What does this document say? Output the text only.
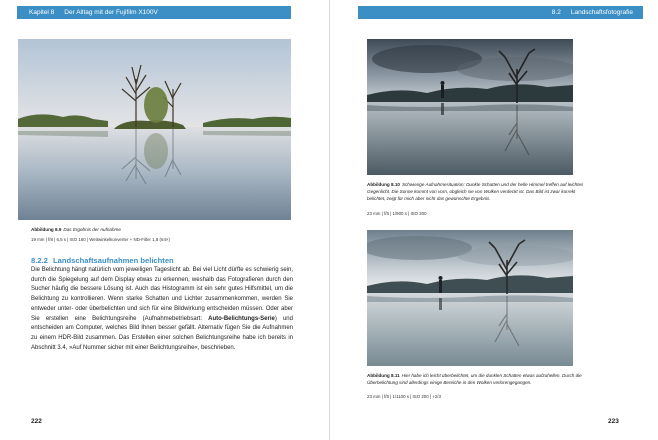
Kapitel 8 Der Alltag mit der Fujifilm X100V	8.2 Landschaftsfotografie
Abbildung 8.9 Das Ergebnis der Aufnahme
19 mm | f/8 | 6,5 s | ISO 160 | Weitwinkelkonverter + ND-Filter 1,8 (64×)
8.2.2 Landschaftsaufnahmen belichten
Die Belichtung hängt natürlich vom jeweiligen Tageslicht ab. Bei viel Licht dürfte es schwierig sein, durch die Spiegelung auf dem Display etwas zu erkennen, weshalb das Fotografieren durch den Sucher häufig die bessere Lösung ist. Auch das Histogramm ist ein sehr gutes Hilfsmittel, um die Belichtung zu kontrollieren. Wenn starke Schatten und Lichter zusammenkommen, werden Sie entweder unter- oder überbelichten und sich für eine Bildwirkung entscheiden müssen. Oder aber Sie erstellen eine Belichtungsreihe (Aufnahmebetriebsart: Auto-Belichtungs-Serie) und entscheiden am Computer, welches Bild Ihnen besser gefällt. Alternativ fügen Sie die Aufnahmen zu einem HDR-Bild zusammen. Das Erstellen einer solchen Belichtungsreihe habe ich bereits in Abschnitt 3.4, »Auf Nummer sicher mit einer Belichtungsreihe«, beschrieben.
222
Abbildung 8.10 Schwierige Aufnahmesituation: Dunkle Schatten und der helle Himmel treffen auf leichtes Gegenlicht. Die Sonne kommt von vorn, obgleich sie von Wolken verdeckt ist. Das Bild ist zwar korrekt belichtet, zeigt für mich aber nicht das gewünschte Ergebnis.
23 mm | f/5 | 1/900 s | ISO 200
Abbildung 8.11 Hier habe ich leicht überbelichtet, um die dunklen Schatten etwas aufzuhellen. Durch die Überbelichtung sind allerdings einige Bereiche in den Wolken verlorengegangen.
23 mm | f/5 | 1/1100 s | ISO 200 | +2/3
223
